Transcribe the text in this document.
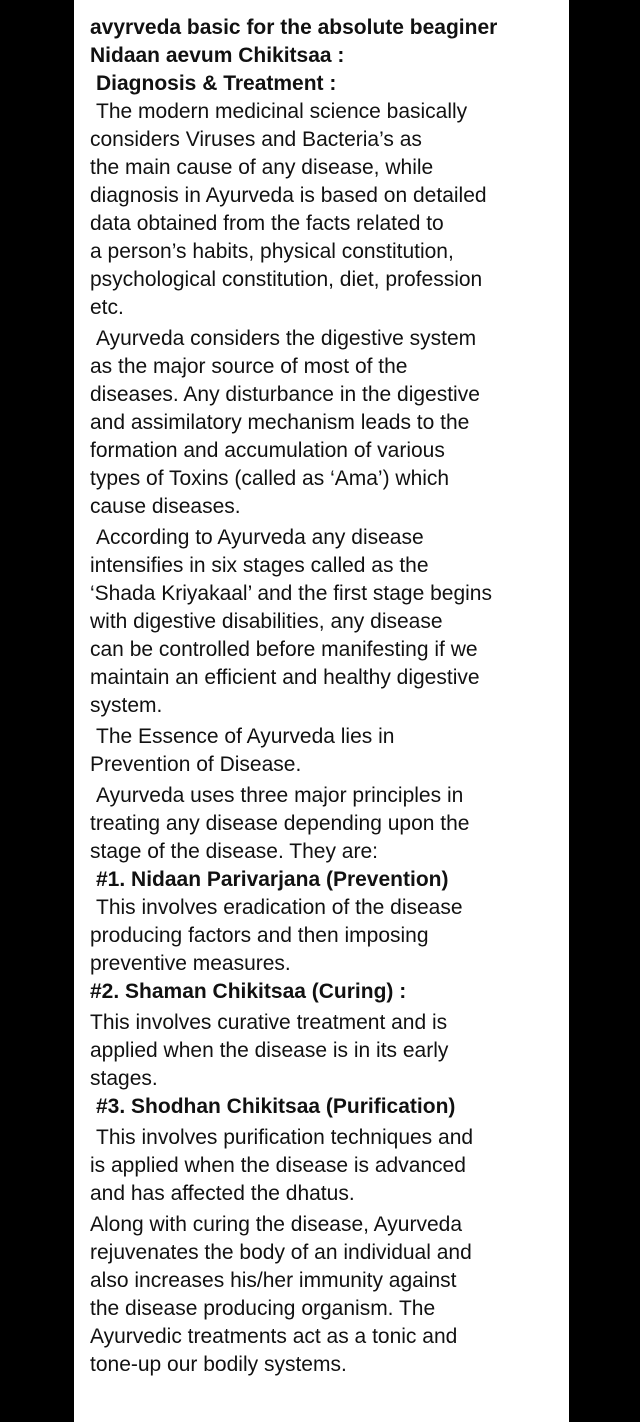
avyrveda basic for the absolute beaginer
Nidaan aevum Chikitsaa :
Diagnosis & Treatment :
The modern medicinal science basically
considers Viruses and Bacteria’s as
the main cause of any disease, while
diagnosis in Ayurveda is based on detailed
data obtained from the facts related to
a person’s habits, physical constitution,
psychological constitution, diet, profession
etc.
Ayurveda considers the digestive system
as the major source of most of the
diseases. Any disturbance in the digestive
and assimilatory mechanism leads to the
formation and accumulation of various
types of Toxins (called as ‘Ama’) which
cause diseases.
According to Ayurveda any disease
intensifies in six stages called as the
‘Shada Kriyakaal’ and the first stage begins
with digestive disabilities, any disease
can be controlled before manifesting if we
maintain an efficient and healthy digestive
system.
The Essence of Ayurveda lies in
Prevention of Disease.
Ayurveda uses three major principles in
treating any disease depending upon the
stage of the disease. They are:
#1. Nidaan Parivarjana (Prevention)
This involves eradication of the disease
producing factors and then imposing
preventive measures.
#2. Shaman Chikitsaa (Curing) :
This involves curative treatment and is
applied when the disease is in its early
stages.
#3. Shodhan Chikitsaa (Purification)
This involves purification techniques and
is applied when the disease is advanced
and has affected the dhatus.
Along with curing the disease, Ayurveda
rejuvenates the body of an individual and
also increases his/her immunity against
the disease producing organism. The
Ayurvedic treatments act as a tonic and
tone-up our bodily systems.
